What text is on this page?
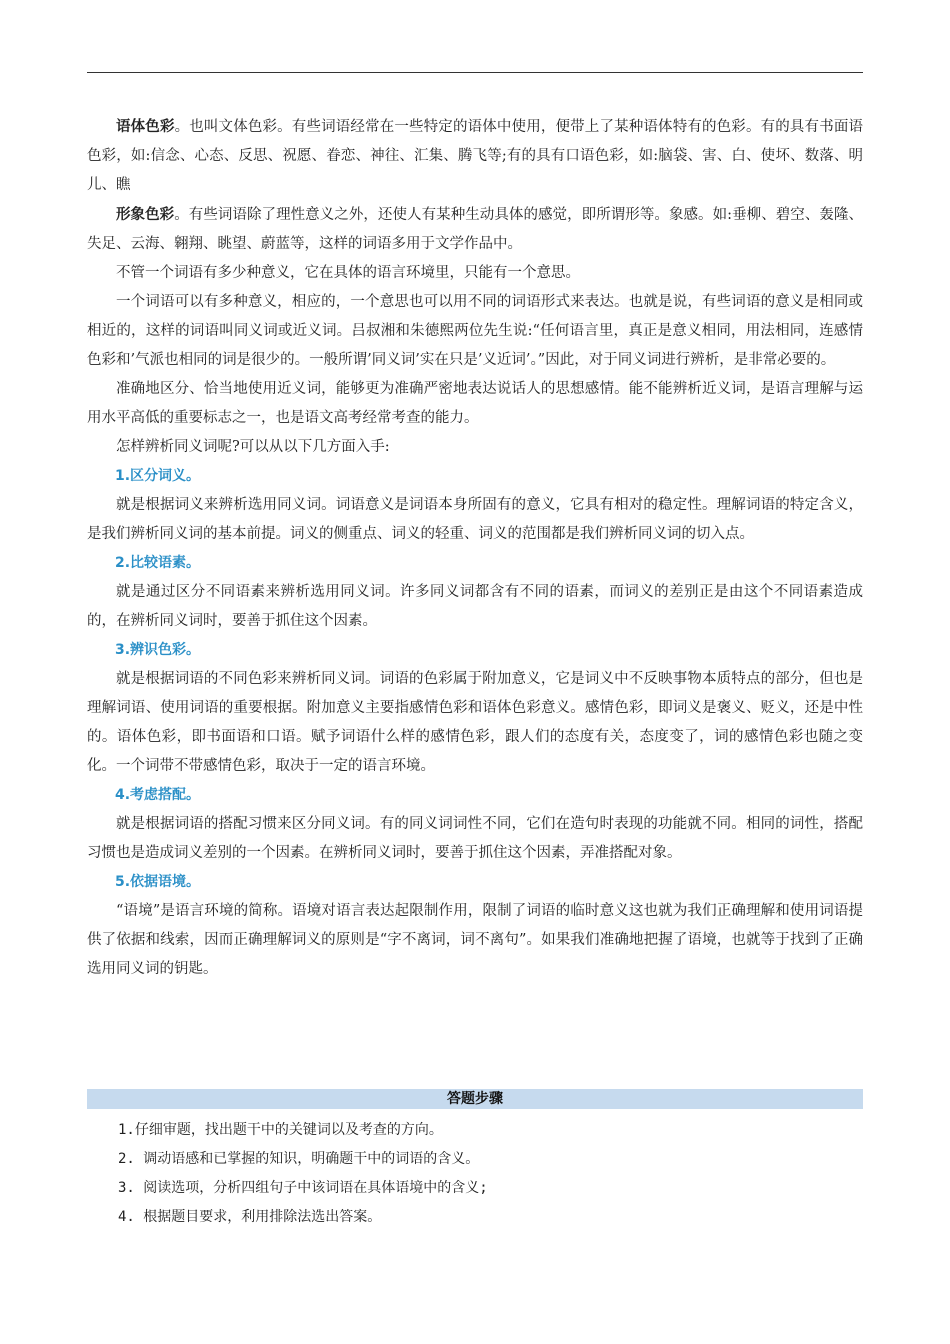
语体色彩。也叫文体色彩。有些词语经常在一些特定的语体中使用，便带上了某种语体特有的色彩。有的具有书面语色彩，如:信念、心态、反思、祝愿、眷恋、神往、汇集、腾飞等;有的具有口语色彩，如:脑袋、害、白、使坏、数落、明儿、瞧

形象色彩。有些词语除了理性意义之外，还使人有某种生动具体的感觉，即所谓形等。象感。如:垂柳、碧空、轰隆、失足、云海、翱翔、眺望、蔚蓝等，这样的词语多用于文学作品中。

不管一个词语有多少种意义，它在具体的语言环境里，只能有一个意思。

一个词语可以有多种意义，相应的，一个意思也可以用不同的词语形式来表达。也就是说，有些词语的意义是相同或相近的，这样的词语叫同义词或近义词。吕叔湘和朱德熙两位先生说:“任何语言里，真正是意义相同，用法相同，连感情色彩和’气派也相同的词是很少的。一般所谓’同义词’实在只是’义近词’。”因此，对于同义词进行辨析，是非常必要的。

准确地区分、恰当地使用近义词，能够更为准确严密地表达说话人的思想感情。能不能辨析近义词，是语言理解与运用水平高低的重要标志之一，也是语文高考经常考查的能力。

怎样辨析同义词呢?可以从以下几方面入手:

1.区分词义。

就是根据词义来辨析选用同义词。词语意义是词语本身所固有的意义，它具有相对的稳定性。理解词语的特定含义，是我们辨析同义词的基本前提。词义的侧重点、词义的轻重、词义的范围都是我们辨析同义词的切入点。

2.比较语素。

就是通过区分不同语素来辨析选用同义词。许多同义词都含有不同的语素，而词义的差别正是由这个不同语素造成的，在辨析同义词时，要善于抓住这个因素。

3.辨识色彩。

就是根据词语的不同色彩来辨析同义词。词语的色彩属于附加意义，它是词义中不反映事物本质特点的部分，但也是理解词语、使用词语的重要根据。附加意义主要指感情色彩和语体色彩意义。感情色彩，即词义是褒义、贬义，还是中性的。语体色彩，即书面语和口语。赋予词语什么样的感情色彩，跟人们的态度有关，态度变了，词的感情色彩也随之变化。一个词带不带感情色彩，取决于一定的语言环境。

4.考虑搭配。

就是根据词语的搭配习惯来区分同义词。有的同义词词性不同，它们在造句时表现的功能就不同。相同的词性，搭配习惯也是造成词义差别的一个因素。在辨析同义词时，要善于抓住这个因素，弄准搭配对象。

5.依据语境。

“语境”是语言环境的简称。语境对语言表达起限制作用，限制了词语的临时意义这也就为我们正确理解和使用词语提供了依据和线索，因而正确理解词义的原则是“字不离词，词不离句”。如果我们准确地把握了语境，也就等于找到了正确选用同义词的钥匙。

答题步骤
1.仔细审题，找出题干中的关键词以及考查的方向。
2. 调动语感和已掌握的知识，明确题干中的词语的含义。
3. 阅读选项，分析四组句子中该词语在具体语境中的含义;
4. 根据题目要求，利用排除法选出答案。
